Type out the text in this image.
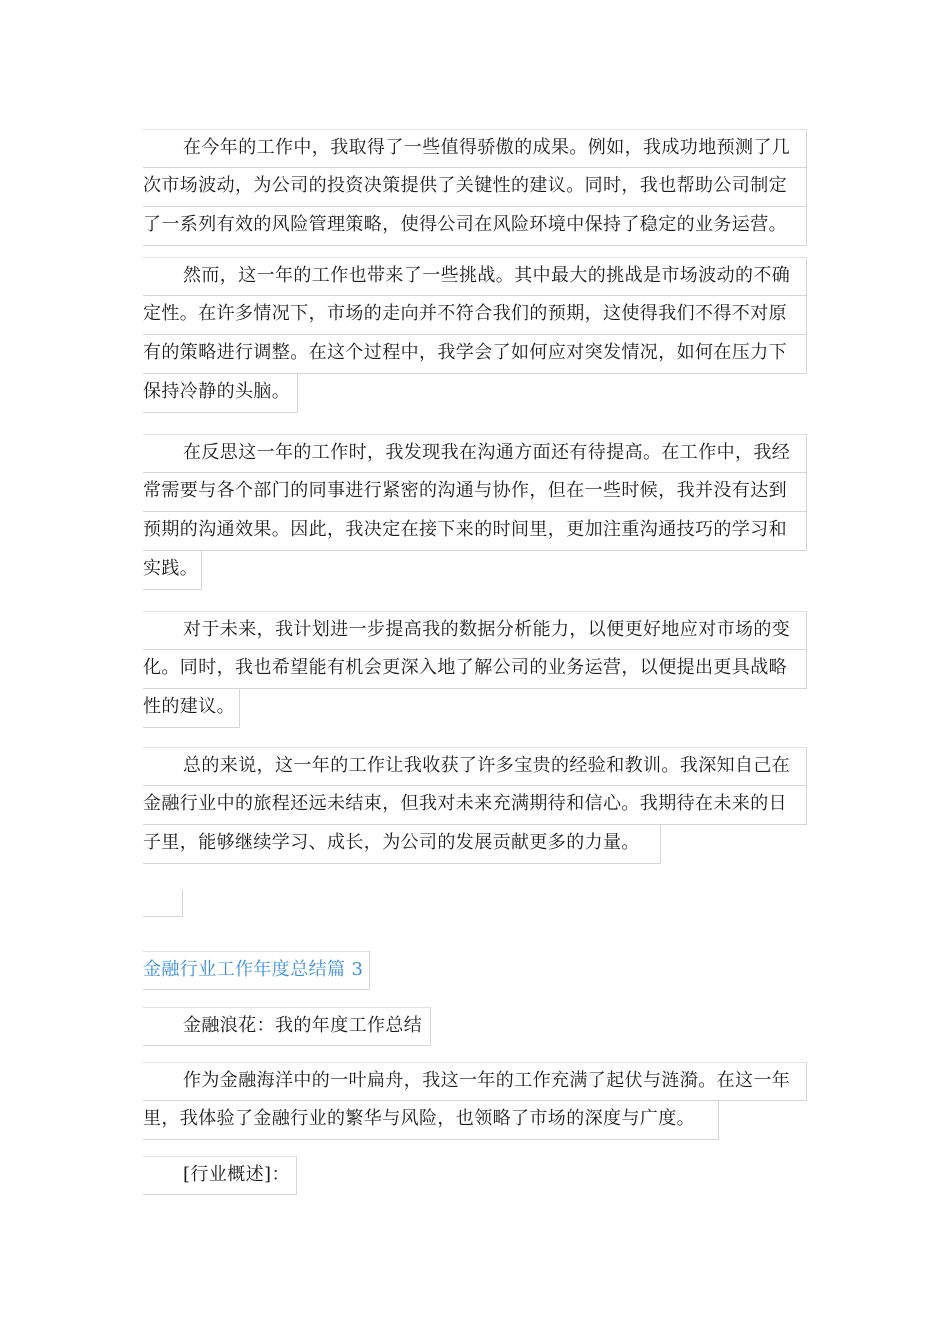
在今年的工作中，我取得了一些值得骄傲的成果。例如，我成功地预测了几
次市场波动，为公司的投资决策提供了关键性的建议。同时，我也帮助公司制定
了一系列有效的风险管理策略，使得公司在风险环境中保持了稳定的业务运营。
然而，这一年的工作也带来了一些挑战。其中最大的挑战是市场波动的不确
定性。在许多情况下，市场的走向并不符合我们的预期，这使得我们不得不对原
有的策略进行调整。在这个过程中，我学会了如何应对突发情况，如何在压力下
保持冷静的头脑。
在反思这一年的工作时，我发现我在沟通方面还有待提高。在工作中，我经
常需要与各个部门的同事进行紧密的沟通与协作，但在一些时候，我并没有达到
预期的沟通效果。因此，我决定在接下来的时间里，更加注重沟通技巧的学习和
实践。
对于未来，我计划进一步提高我的数据分析能力，以便更好地应对市场的变
化。同时，我也希望能有机会更深入地了解公司的业务运营，以便提出更具战略
性的建议。
总的来说，这一年的工作让我收获了许多宝贵的经验和教训。我深知自己在
金融行业中的旅程还远未结束，但我对未来充满期待和信心。我期待在未来的日
子里，能够继续学习、成长，为公司的发展贡献更多的力量。
金融行业工作年度总结篇 3
金融浪花：我的年度工作总结
作为金融海洋中的一叶扁舟，我这一年的工作充满了起伏与涟漪。在这一年
里，我体验了金融行业的繁华与风险，也领略了市场的深度与广度。
[行业概述]：
